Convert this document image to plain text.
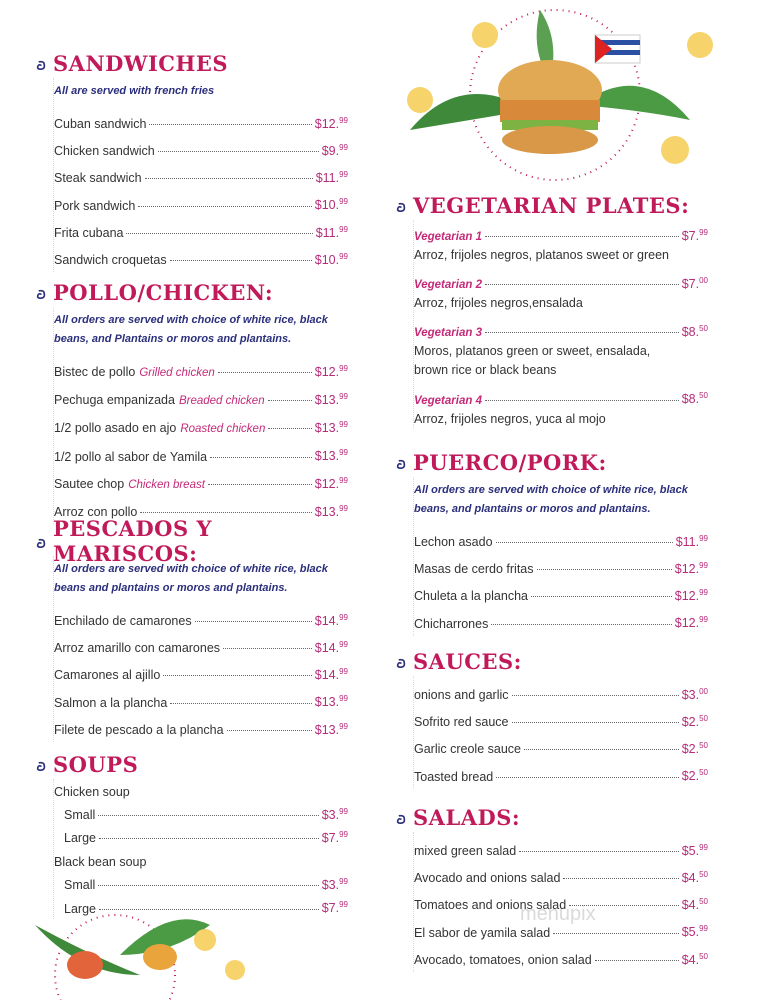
menupix
SANDWICHES
All are served with french fries
Cuban sandwich	$12.99
Chicken sandwich	$9.99
Steak sandwich	$11.99
Pork sandwich	$10.99
Frita cubana	$11.99
Sandwich croquetas	$10.99
POLLO/CHICKEN:
All orders are served with choice of white rice, black beans, and Plantains or moros and plantains.
Bistec de pollo Grilled chicken	$12.99
Pechuga empanizada Breaded chicken	$13.99
1/2 pollo asado en ajo Roasted chicken	$13.99
1/2 pollo al sabor de Yamila	$13.99
Sautee chop Chicken breast	$12.99
Arroz con pollo	$13.99
PESCADOS Y MARISCOS:
All orders are served with choice of white rice, black beans and plantains or moros and plantains.
Enchilado de camarones	$14.99
Arroz amarillo con camarones	$14.99
Camarones al ajillo	$14.99
Salmon a la plancha	$13.99
Filete de pescado a la plancha	$13.99
SOUPS
Chicken soup
Small	$3.99
Large	$7.99
Black bean soup
Small	$3.99
Large	$7.99
VEGETARIAN PLATES:
Vegetarian 1	$7.99
Arroz, frijoles negros, platanos sweet or green
Vegetarian 2	$7.00
Arroz, frijoles negros,ensalada
Vegetarian 3	$8.50
Moros, platanos green or sweet, ensalada,
brown rice or black beans
Vegetarian 4	$8.50
Arroz, frijoles negros, yuca al mojo
PUERCO/PORK:
All orders are served with choice of white rice, black beans, and plantains or moros and plantains.
Lechon asado	$11.99
Masas de cerdo fritas	$12.99
Chuleta a la plancha	$12.99
Chicharrones	$12.99
SAUCES:
onions and garlic	$3.00
Sofrito red sauce	$2.50
Garlic creole sauce	$2.50
Toasted bread	$2.50
SALADS:
mixed green salad	$5.99
Avocado and onions salad	$4.50
Tomatoes and onions salad	$4.50
El sabor de yamila salad	$5.99
Avocado, tomatoes, onion salad	$4.50
